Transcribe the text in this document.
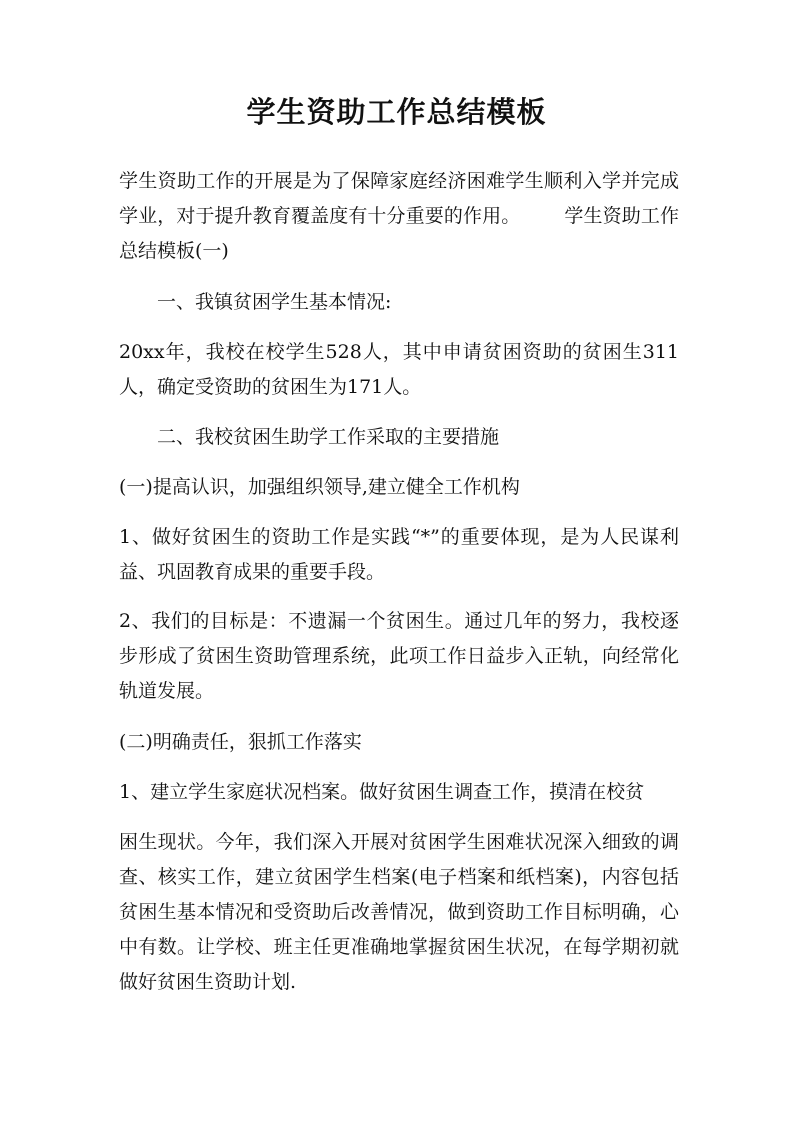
学生资助工作总结模板

学生资助工作的开展是为了保障家庭经济困难学生顺利入学并完成学业，对于提升教育覆盖度有十分重要的作用。 学生资助工作总结模板(一)

一、我镇贫困学生基本情况:

20xx年，我校在校学生528人，其中申请贫困资助的贫困生311人，确定受资助的贫困生为171人。

二、我校贫困生助学工作采取的主要措施

(一)提高认识，加强组织领导,建立健全工作机构

1、做好贫困生的资助工作是实践“*”的重要体现，是为人民谋利益、巩固教育成果的重要手段。

2、我们的目标是：不遗漏一个贫困生。通过几年的努力，我校逐步形成了贫困生资助管理系统，此项工作日益步入正轨，向经常化轨道发展。

(二)明确责任，狠抓工作落实

1、建立学生家庭状况档案。做好贫困生调查工作，摸清在校贫

困生现状。今年，我们深入开展对贫困学生困难状况深入细致的调查、核实工作，建立贫困学生档案(电子档案和纸档案)，内容包括贫困生基本情况和受资助后改善情况，做到资助工作目标明确，心中有数。让学校、班主任更准确地掌握贫困生状况，在每学期初就做好贫困生资助计划.
